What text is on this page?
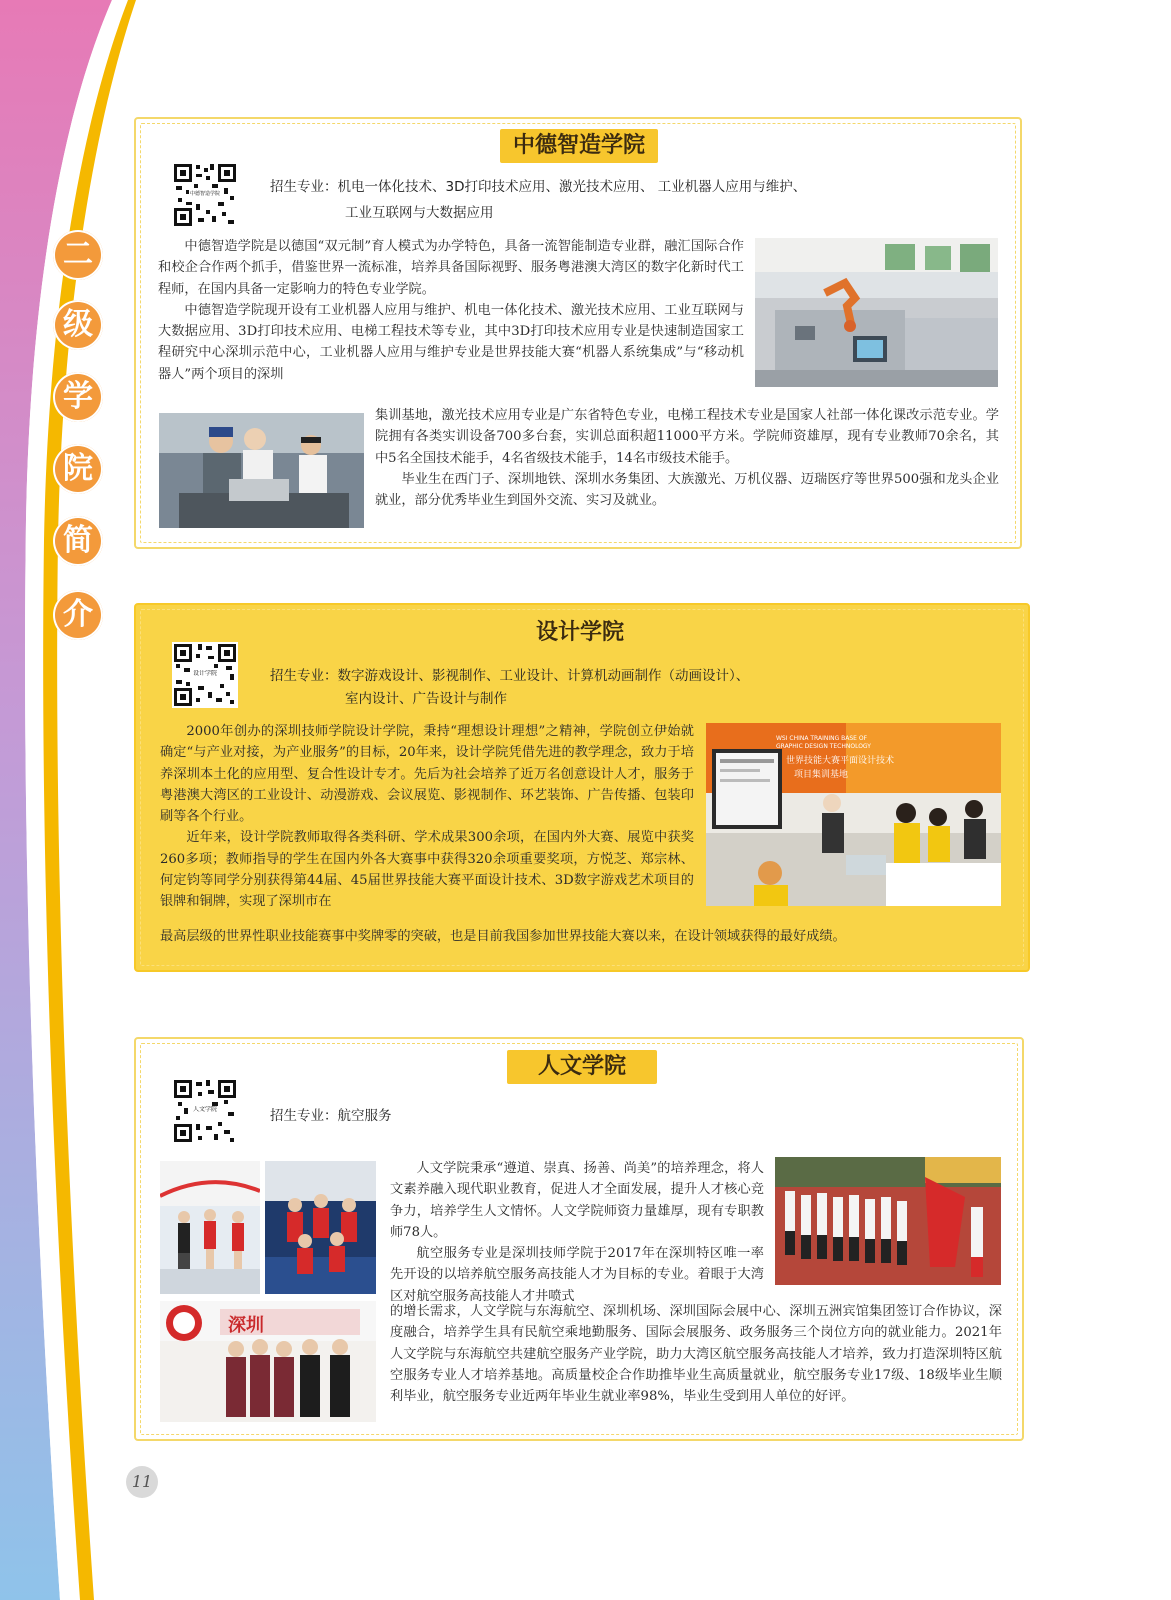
二
级
学
院
简
介
中德智造学院
中德智造学院	招生专业：机电一体化技术、3D打印技术应用、激光技术应用、 工业机器人应用与维护、
工业互联网与大数据应用

中德智造学院是以德国“双元制”育人模式为办学特色，具备一流智能制造专业群，融汇国际合作和校企合作两个抓手，借鉴世界一流标准，培养具备国际视野、服务粤港澳大湾区的数字化新时代工程师，在国内具备一定影响力的特色专业学院。

中德智造学院现开设有工业机器人应用与维护、机电一体化技术、激光技术应用、工业互联网与大数据应用、3D打印技术应用、电梯工程技术等专业，其中3D打印技术应用专业是快速制造国家工程研究中心深圳示范中心，工业机器人应用与维护专业是世界技能大赛“机器人系统集成”与“移动机器人”两个项目的深圳

集训基地，激光技术应用专业是广东省特色专业，电梯工程技术专业是国家人社部一体化课改示范专业。学院拥有各类实训设备700多台套，实训总面积超11000平方米。学院师资雄厚，现有专业教师70余名，其中5名全国技术能手，4名省级技术能手，14名市级技术能手。

毕业生在西门子、深圳地铁、深圳水务集团、大族激光、万机仪器、迈瑞医疗等世界500强和龙头企业就业，部分优秀毕业生到国外交流、实习及就业。

设计学院
设计学院	招生专业：数字游戏设计、影视制作、工业设计、计算机动画制作（动画设计）、
室内设计、广告设计与制作

2000年创办的深圳技师学院设计学院，秉持“理想设计理想”之精神，学院创立伊始就确定“与产业对接，为产业服务”的目标，20年来，设计学院凭借先进的教学理念，致力于培养深圳本土化的应用型、复合性设计专才。先后为社会培养了近万名创意设计人才，服务于粤港澳大湾区的工业设计、动漫游戏、会议展览、影视制作、环艺装饰、广告传播、包装印刷等各个行业。

近年来，设计学院教师取得各类科研、学术成果300余项，在国内外大赛、展览中获奖260多项；教师指导的学生在国内外各大赛事中获得320余项重要奖项，方悦芝、郑宗林、何定钧等同学分别获得第44届、45届世界技能大赛平面设计技术、3D数字游戏艺术项目的银牌和铜牌，实现了深圳市在

最高层级的世界性职业技能赛事中奖牌零的突破，也是目前我国参加世界技能大赛以来，在设计领域获得的最好成绩。

WSI CHINA TRAINING BASE OF
GRAPHIC DESIGN TECHNOLOGY
世界技能大赛平面设计技术
项目集训基地
人文学院
人文学院	招生专业：航空服务
深圳

人文学院秉承“遵道、崇真、扬善、尚美”的培养理念，将人文素养融入现代职业教育，促进人才全面发展，提升人才核心竞争力，培养学生人文情怀。人文学院师资力量雄厚，现有专职教师78人。

航空服务专业是深圳技师学院于2017年在深圳特区唯一率先开设的以培养航空服务高技能人才为目标的专业。着眼于大湾区对航空服务高技能人才井喷式

的增长需求，人文学院与东海航空、深圳机场、深圳国际会展中心、深圳五洲宾馆集团签订合作协议，深度融合，培养学生具有民航空乘地勤服务、国际会展服务、政务服务三个岗位方向的就业能力。2021年人文学院与东海航空共建航空服务产业学院，助力大湾区航空服务高技能人才培养，致力打造深圳特区航空服务专业人才培养基地。高质量校企合作助推毕业生高质量就业，航空服务专业17级、18级毕业生顺利毕业，航空服务专业近两年毕业生就业率98%，毕业生受到用人单位的好评。

11
